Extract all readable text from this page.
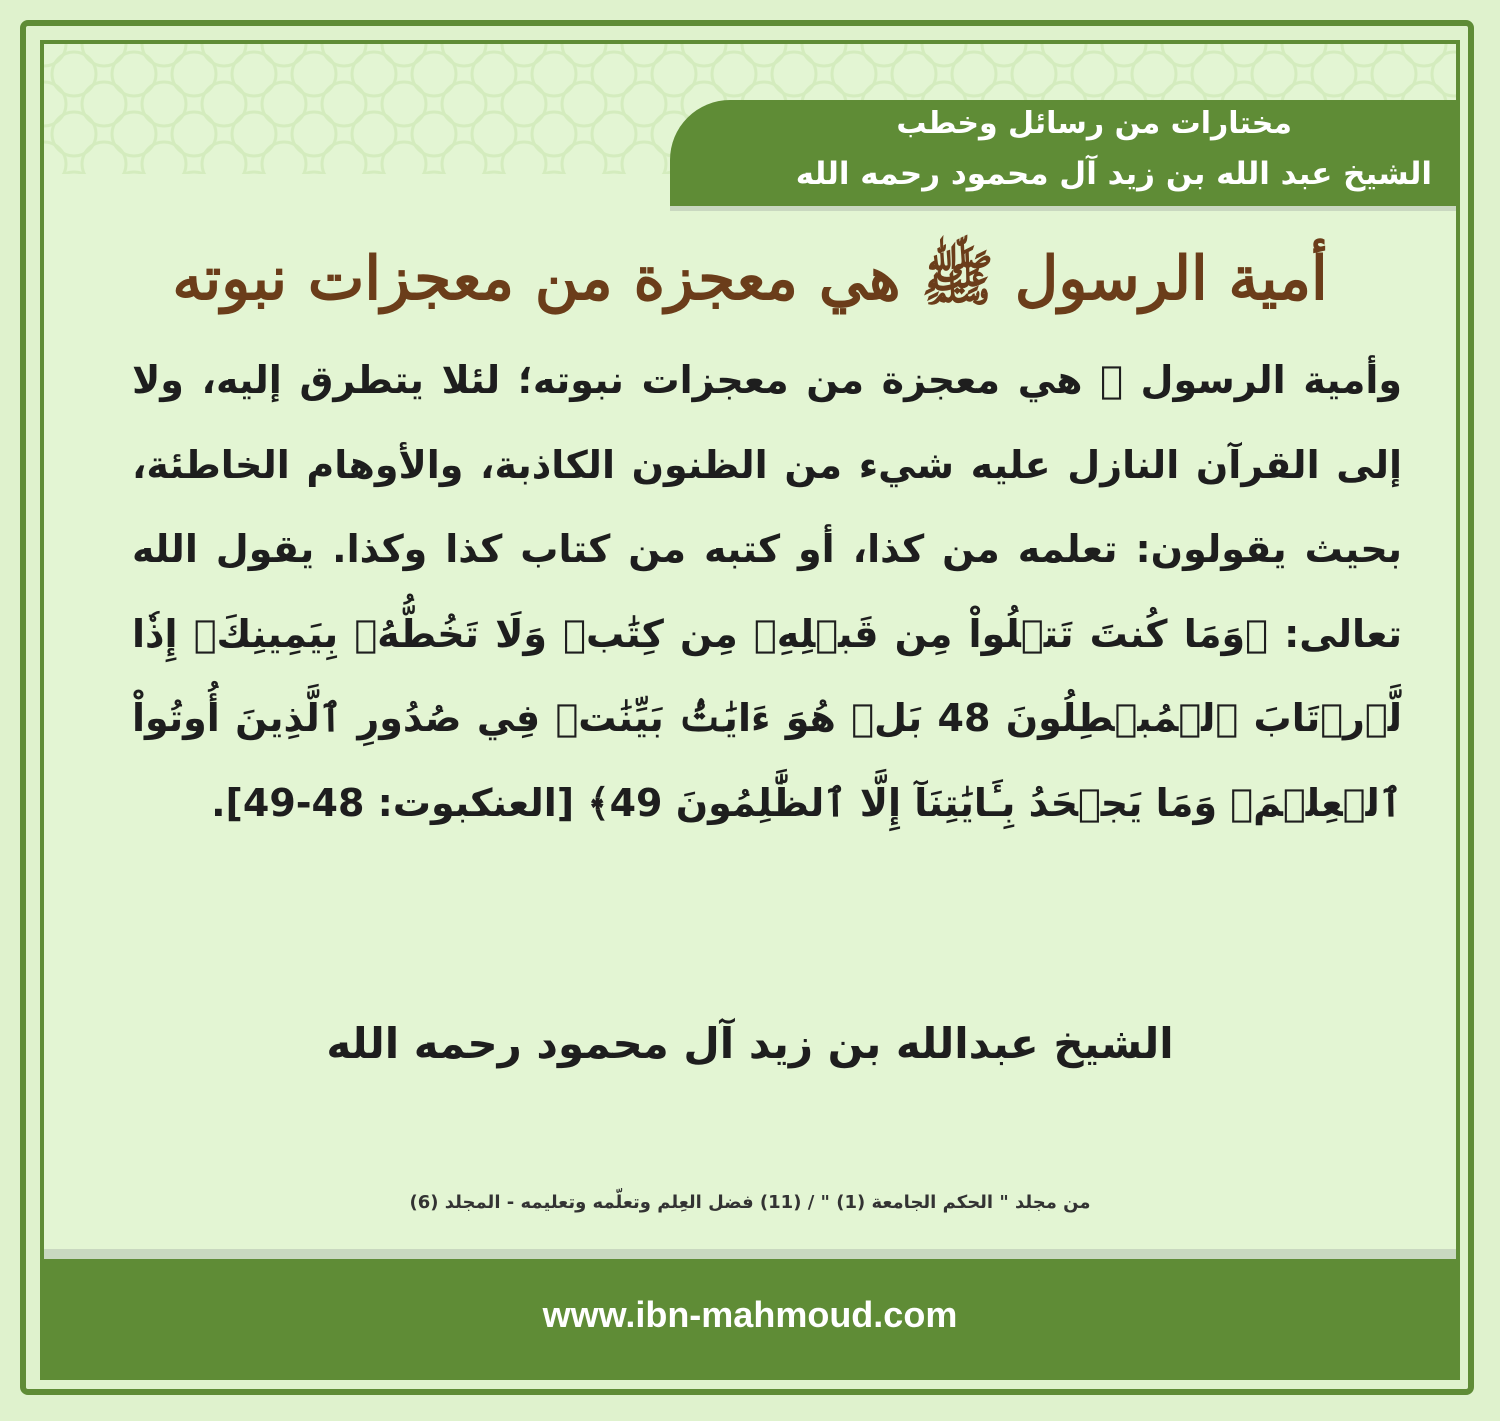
مختارات من رسائل وخطب
الشيخ عبد الله بن زيد آل محمود رحمه الله
أمية الرسول ﷺ هي معجزة من معجزات نبوته
وأمية الرسول ﷺ هي معجزة من معجزات نبوته؛ لئلا يتطرق إليه، ولا إلى القرآن النازل عليه شيء من الظنون الكاذبة، والأوهام الخاطئة، بحيث يقولون: تعلمه من كذا، أو كتبه من كتاب كذا وكذا. يقول الله تعالى: ﴿وَمَا كُنتَ تَتۡلُواْ مِن قَبۡلِهِۦ مِن كِتَٰبٖ وَلَا تَخُطُّهُۥ بِيَمِينِكَۖ إِذٗا لَّٱرۡتَابَ ٱلۡمُبۡطِلُونَ 48 بَلۡ هُوَ ءَايَٰتُۢ بَيِّنَٰتٞ فِي صُدُورِ ٱلَّذِينَ أُوتُواْ ٱلۡعِلۡمَۚ وَمَا يَجۡحَدُ بِـَٔايَٰتِنَآ إِلَّا ٱلظَّٰلِمُونَ 49﴾ [العنكبوت: 48-49].
الشيخ عبدالله بن زيد آل محمود رحمه الله
من مجلد " الحكم الجامعة (1) " / (11) فضل العِلم وتعلّمه وتعليمه - المجلد (6)
www.ibn-mahmoud.com
